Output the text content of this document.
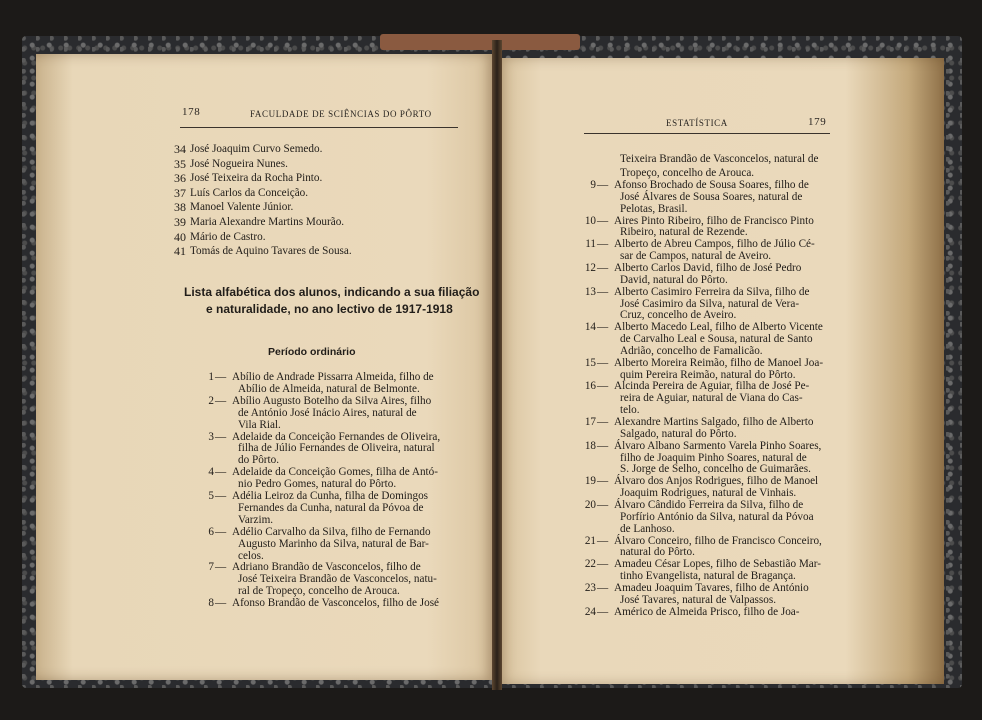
178	FACULDADE DE SCIÊNCIAS DO PÔRTO
ESTATÍSTICA	179
34 José Joaquim Curvo Semedo.
35 José Nogueira Nunes.
36 José Teixeira da Rocha Pinto.
37 Luís Carlos da Conceição.
38 Manoel Valente Júnior.
39 Maria Alexandre Martins Mourão.
40 Mário de Castro.
41 Tomás de Aquino Tavares de Sousa.
Lista alfabética dos alunos, indicando a sua filiação
e naturalidade, no ano lectivo de 1917-1918
Período ordinário
1 — Abílio de Andrade Pissarra Almeida, filho de
Abílio de Almeida, natural de Belmonte.
2 — Abílio Augusto Botelho da Silva Aires, filho
de António José Inácio Aires, natural de
Vila Rial.
3 — Adelaide da Conceição Fernandes de Oliveira,
filha de Júlio Fernandes de Oliveira, natural
do Pôrto.
4 — Adelaide da Conceição Gomes, filha de Antó-
nio Pedro Gomes, natural do Pôrto.
5 — Adélia Leiroz da Cunha, filha de Domingos
Fernandes da Cunha, natural da Póvoa de
Varzim.
6 — Adélio Carvalho da Silva, filho de Fernando
Augusto Marinho da Silva, natural de Bar-
celos.
7 — Adriano Brandão de Vasconcelos, filho de
José Teixeira Brandão de Vasconcelos, natu-
ral de Tropeço, concelho de Arouca.
8 — Afonso Brandão de Vasconcelos, filho de José
Teixeira Brandão de Vasconcelos, natural de
Tropeço, concelho de Arouca.
9 — Afonso Brochado de Sousa Soares, filho de
José Álvares de Sousa Soares, natural de
Pelotas, Brasil.
10 — Aires Pinto Ribeiro, filho de Francisco Pinto
Ribeiro, natural de Rezende.
11 — Alberto de Abreu Campos, filho de Júlio Cé-
sar de Campos, natural de Aveiro.
12 — Alberto Carlos David, filho de José Pedro
David, natural do Pôrto.
13 — Alberto Casimiro Ferreira da Silva, filho de
José Casimiro da Silva, natural de Vera-
Cruz, concelho de Aveiro.
14 — Alberto Macedo Leal, filho de Alberto Vicente
de Carvalho Leal e Sousa, natural de Santo
Adrião, concelho de Famalicão.
15 — Alberto Moreira Reimão, filho de Manoel Joa-
quim Pereira Reimão, natural do Pôrto.
16 — Alcinda Pereira de Aguiar, filha de José Pe-
reira de Aguiar, natural de Viana do Cas-
telo.
17 — Alexandre Martins Salgado, filho de Alberto
Salgado, natural do Pôrto.
18 — Álvaro Albano Sarmento Varela Pinho Soares,
filho de Joaquim Pinho Soares, natural de
S. Jorge de Selho, concelho de Guimarães.
19 — Álvaro dos Anjos Rodrigues, filho de Manoel
Joaquim Rodrigues, natural de Vinhais.
20 — Álvaro Cândido Ferreira da Silva, filho de
Porfírio António da Silva, natural da Póvoa
de Lanhoso.
21 — Álvaro Conceiro, filho de Francisco Conceiro,
natural do Pôrto.
22 — Amadeu César Lopes, filho de Sebastião Mar-
tinho Evangelista, natural de Bragança.
23 — Amadeu Joaquim Tavares, filho de António
José Tavares, natural de Valpassos.
24 — Américo de Almeida Prisco, filho de Joa-
